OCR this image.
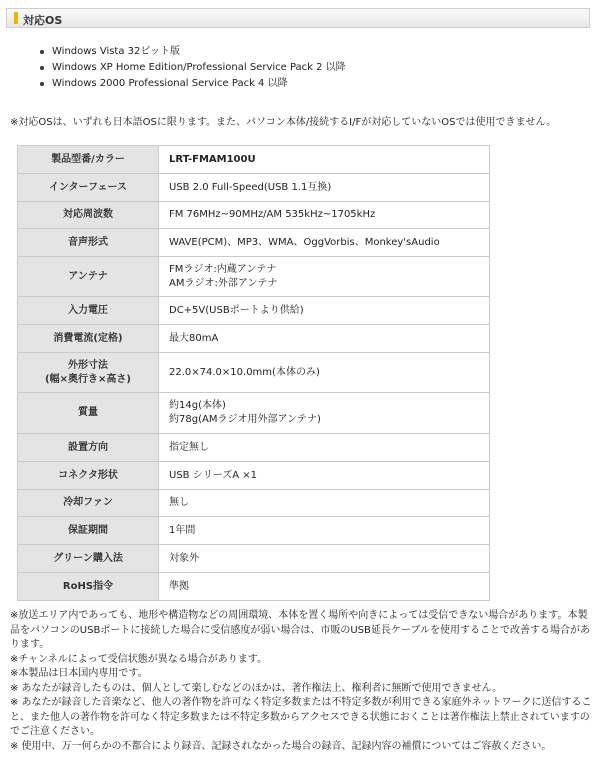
対応OS
Windows Vista 32ビット版
Windows XP Home Edition/Professional Service Pack 2 以降
Windows 2000 Professional Service Pack 4 以降
※対応OSは、いずれも日本語OSに限ります。また、パソコン本体/接続するI/Fが対応していないOSでは使用できません。
製品型番/カラー	LRT-FMAM100U
インターフェース	USB 2.0 Full-Speed(USB 1.1互換)
対応周波数	FM 76MHz~90MHz/AM 535kHz~1705kHz
音声形式	WAVE(PCM)、MP3、WMA、OggVorbis、Monkey'sAudio
アンテナ	FMラジオ:内蔵アンテナ
AMラジオ:外部アンテナ

入力電圧	DC+5V(USBポートより供給)
消費電流(定格)	最大80mA

外形寸法
(幅×奥行き×高さ)	22.0×74.0×10.0mm(本体のみ)
質量	約14g(本体)
約78g(AMラジオ用外部アンテナ)

設置方向	指定無し
コネクタ形状	USB シリーズA ×1
冷却ファン	無し
保証期間	1年間
グリーン購入法	対象外
RoHS指令	準拠

※放送エリア内であっても、地形や構造物などの周囲環境、本体を置く場所や向きによっては受信できない場合があります。本製品をパソコンのUSBポートに接続した場合に受信感度が弱い場合は、市販のUSB延長ケーブルを使用することで改善する場合があります。

※チャンネルによって受信状態が異なる場合があります。

※本製品は日本国内専用です。

※ あなたが録音したものは、個人として楽しむなどのほかは、著作権法上、権利者に無断で使用できません。

※ あなたが録音した音楽など、他人の著作物を許可なく特定多数または不特定多数が利用できる家庭外ネットワークに送信すること、また他人の著作物を許可なく特定多数または不特定多数からアクセスできる状態におくことは著作権法上禁止されていますのでご注意ください。

※ 使用中、万一何らかの不都合により録音、記録されなかった場合の録音、記録内容の補償についてはご容赦ください。
